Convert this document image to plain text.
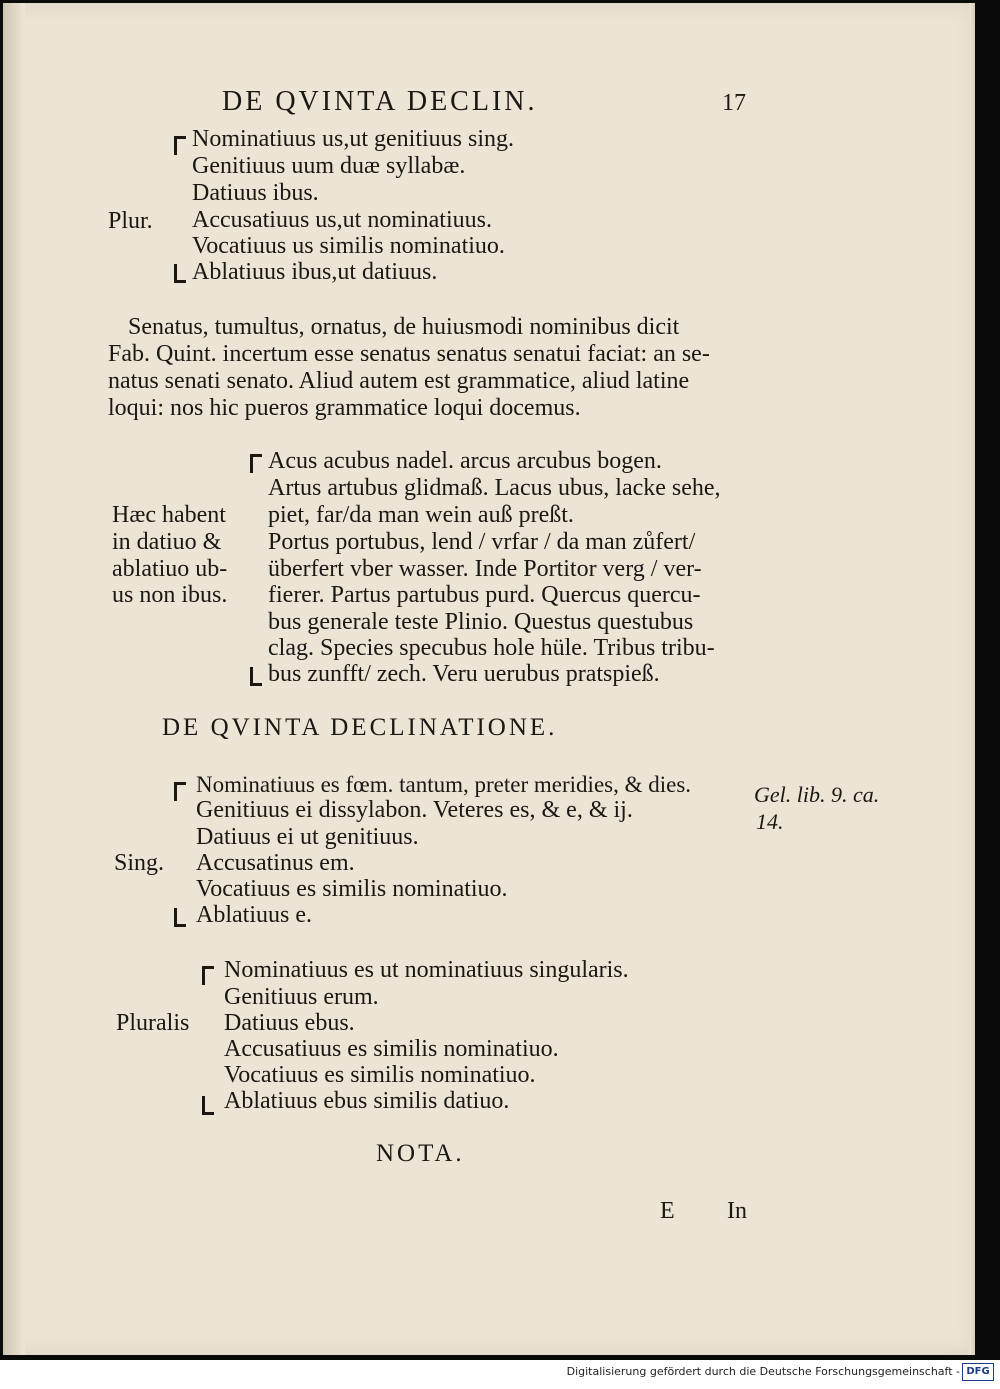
DE QVINTA DECLIN.	17
Plur.
Nominatiuus us,ut genitiuus sing.
Genitiuus uum duæ syllabæ.
Datiuus ibus.
Accusatiuus us,ut nominatiuus.
Vocatiuus us similis nominatiuo.
Ablatiuus ibus,ut datiuus.
Senatus, tumultus, ornatus, de huiusmodi nominibus dicit
Fab. Quint. incertum esse senatus senatus senatui faciat: an se-
natus senati senato. Aliud autem est grammatice, aliud latine
loqui: nos hic pueros grammatice loqui docemus.
Acus acubus nadel. arcus arcubus bogen.
Artus artubus glidmaß. Lacus ubus, lacke sehe,
piet, far/da man wein auß preßt.
Portus portubus, lend / vrfar / da man zůfert/
überfert vber wasser. Inde Portitor verg / ver-
fierer. Partus partubus purd. Quercus quercu-
bus generale teste Plinio. Questus questubus
clag. Species specubus hole hüle. Tribus tribu-
bus zunfft/ zech. Veru uerubus pratspieß.
Hæc habent
in datiuo &
ablatiuo ub-
us non ibus.
DE QVINTA DECLINATIONE.
Sing.
Nominatiuus es fœm. tantum, preter meridies, & dies.
Genitiuus ei dissylabon. Veteres es, & e, & ij.
Datiuus ei ut genitiuus.
Accusatinus em.
Vocatiuus es similis nominatiuo.
Ablatiuus e.
Gel. lib. 9. ca.
14.
Pluralis
Nominatiuus es ut nominatiuus singularis.
Genitiuus erum.
Datiuus ebus.
Accusatiuus es similis nominatiuo.
Vocatiuus es similis nominatiuo.
Ablatiuus ebus similis datiuo.
NOTA.
E In
Digitalisierung gefördert durch die Deutsche Forschungsgemeinschaft - DFG
